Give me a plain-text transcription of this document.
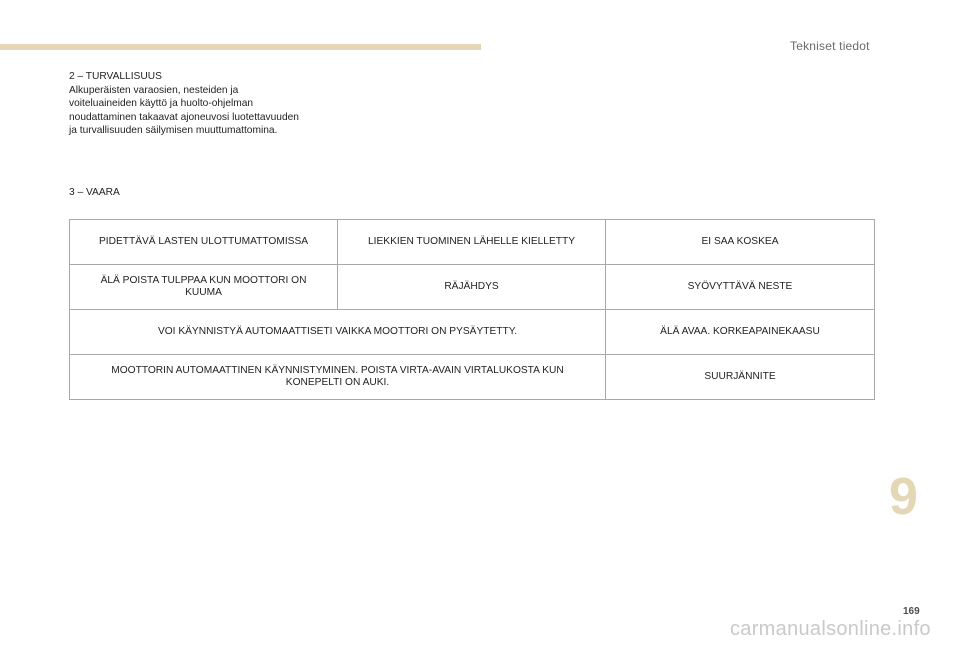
Tekniset tiedot
2 – TURVALLISUUS
Alkuperäisten varaosien, nesteiden ja
voiteluaineiden käyttö ja huolto-ohjelman
noudattaminen takaavat ajoneuvosi luotettavuuden
ja turvallisuuden säilymisen muuttumattomina.
3 – VAARA
PIDETTÄVÄ LASTEN ULOTTUMATTOMISSA	LIEKKIEN TUOMINEN LÄHELLE KIELLETTY	EI SAA KOSKEA
ÄLÄ POISTA TULPPAA KUN MOOTTORI ON KUUMA	RÄJÄHDYS	SYÖVYTTÄVÄ NESTE
VOI KÄYNNISTYÄ AUTOMAATTISETI VAIKKA MOOTTORI ON PYSÄYTETTY.		ÄLÄ AVAA. KORKEAPAINEKAASU
MOOTTORIN AUTOMAATTINEN KÄYNNISTYMINEN. POISTA VIRTA-AVAIN VIRTALUKOSTA KUN KONEPELTI ON AUKI.		SUURJÄNNITE
9
169
carmanualsonline.info
